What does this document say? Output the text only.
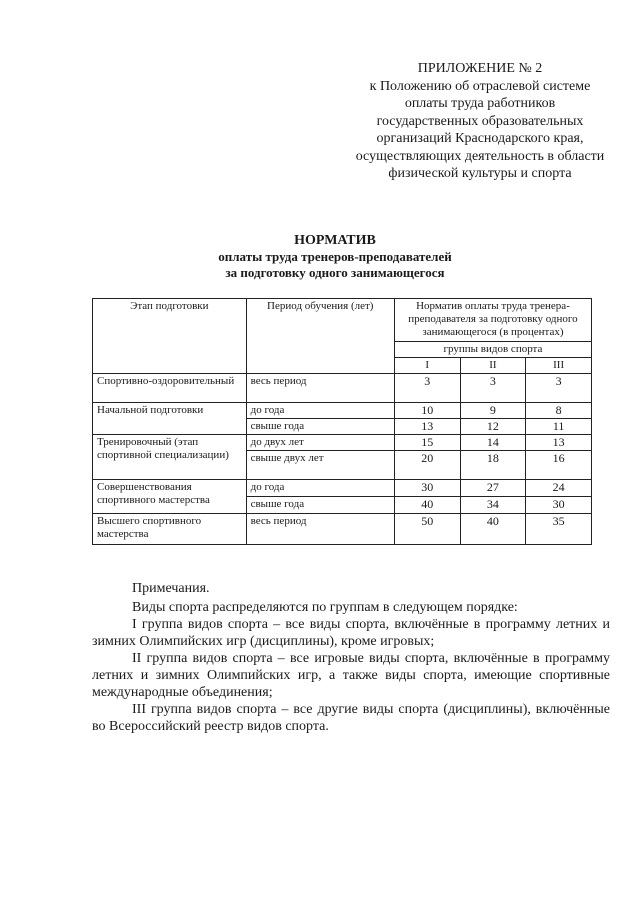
ПРИЛОЖЕНИЕ № 2
к Положению об отраслевой системе
оплаты труда работников
государственных образовательных
организаций Краснодарского края,
осуществляющих деятельность в области
физической культуры и спорта
НОРМАТИВ
оплаты труда тренеров-преподавателей
за подготовку одного занимающегося
Этап подготовки	Период обучения (лет)	Норматив оплаты труда тренера-преподавателя за подготовку одного занимающегося (в процентах)		
		группы видов спорта		
		I	II	III
Спортивно-оздоровительный	весь период	3	3	3
Начальной подготовки	до года	10	9	8
	свыше года	13	12	11
Тренировочный (этап спортивной специализации)	до двух лет	15	14	13
	свыше двух лет	20	18	16
Совершенствования спортивного мастерства	до года	30	27	24
	свыше года	40	34	30
Высшего спортивного мастерства	весь период	50	40	35

Примечания.

Виды спорта распределяются по группам в следующем порядке:

I группа видов спорта – все виды спорта, включённые в программу летних и зимних Олимпийских игр (дисциплины), кроме игровых;

II группа видов спорта – все игровые виды спорта, включённые в программу летних и зимних Олимпийских игр, а также виды спорта, имеющие спортивные международные объединения;

III группа видов спорта – все другие виды спорта (дисциплины), включённые во Всероссийский реестр видов спорта.
